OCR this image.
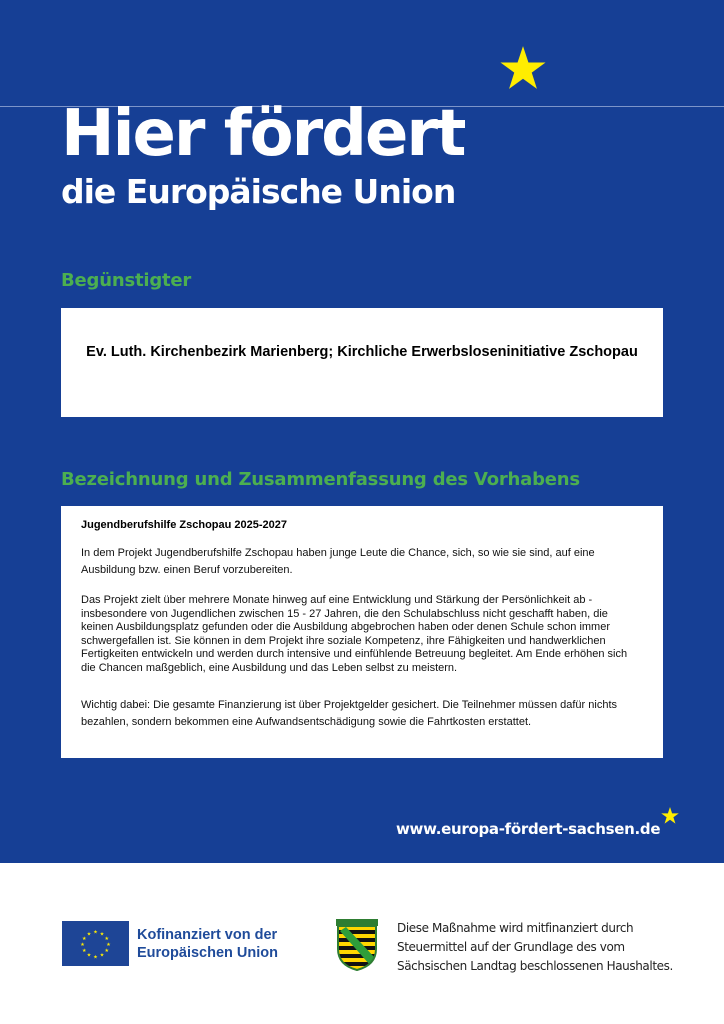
Hier fördert
die Europäische Union
Begünstigter
Ev. Luth. Kirchenbezirk Marienberg; Kirchliche Erwerbsloseninitiative Zschopau
Bezeichnung und Zusammenfassung des Vorhabens

Jugendberufshilfe Zschopau 2025-2027

In dem Projekt Jugendberufshilfe Zschopau haben junge Leute die Chance, sich, so wie sie sind, auf eine Ausbildung bzw. einen Beruf vorzubereiten.

Das Projekt zielt über mehrere Monate hinweg auf eine Entwicklung und Stärkung der Persönlichkeit ab - insbesondere von Jugendlichen zwischen 15 - 27 Jahren, die den Schulabschluss nicht geschafft haben, die keinen Ausbildungsplatz gefunden oder die Ausbildung abgebrochen haben oder denen Schule schon immer schwergefallen ist. Sie können in dem Projekt ihre soziale Kompetenz, ihre Fähigkeiten und handwerklichen Fertigkeiten entwickeln und werden durch intensive und einfühlende Betreuung begleitet. Am Ende erhöhen sich die Chancen maßgeblich, eine Ausbildung und das Leben selbst zu meistern.

Wichtig dabei: Die gesamte Finanzierung ist über Projektgelder gesichert. Die Teilnehmer müssen dafür nichts bezahlen, sondern bekommen eine Aufwandsentschädigung sowie die Fahrtkosten erstattet.

www.europa-fördert-sachsen.de
★ ★
★
★
★
★
★
★
★
★
★
★	Kofinanziert von der
Europäischen Union
Diese Maßnahme wird mitfinanziert durch
Steuermittel auf der Grundlage des vom
Sächsischen Landtag beschlossenen Haushaltes.
